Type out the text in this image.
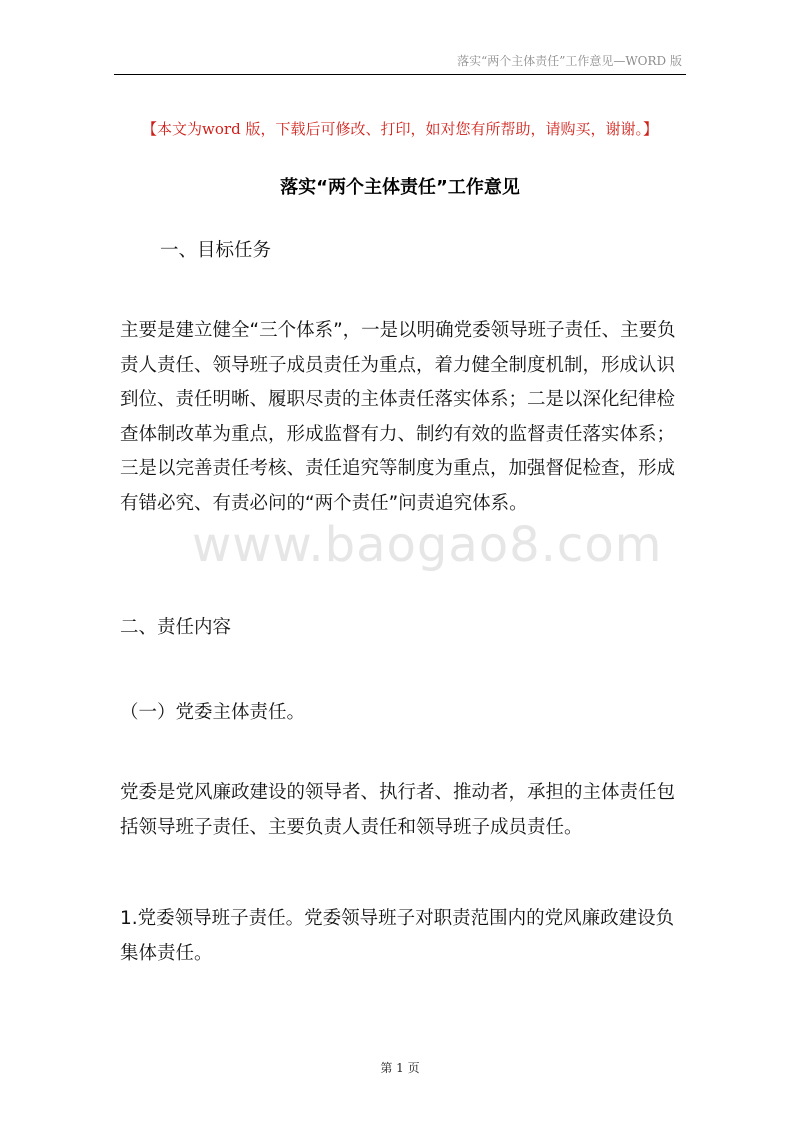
落实“两个主体责任”工作意见—WORD 版
【本文为word 版，下载后可修改、打印，如对您有所帮助，请购买，谢谢。】
落实“两个主体责任”工作意见
www.baogao8.com
一、目标任务
主要是建立健全“三个体系”，一是以明确党委领导班子责任、主要负
责人责任、领导班子成员责任为重点，着力健全制度机制，形成认识
到位、责任明晰、履职尽责的主体责任落实体系；二是以深化纪律检
查体制改革为重点，形成监督有力、制约有效的监督责任落实体系；
三是以完善责任考核、责任追究等制度为重点，加强督促检查，形成
有错必究、有责必问的“两个责任”问责追究体系。
二、责任内容
（一）党委主体责任。
党委是党风廉政建设的领导者、执行者、推动者，承担的主体责任包
括领导班子责任、主要负责人责任和领导班子成员责任。
1.党委领导班子责任。党委领导班子对职责范围内的党风廉政建设负
集体责任。
第 1 页
